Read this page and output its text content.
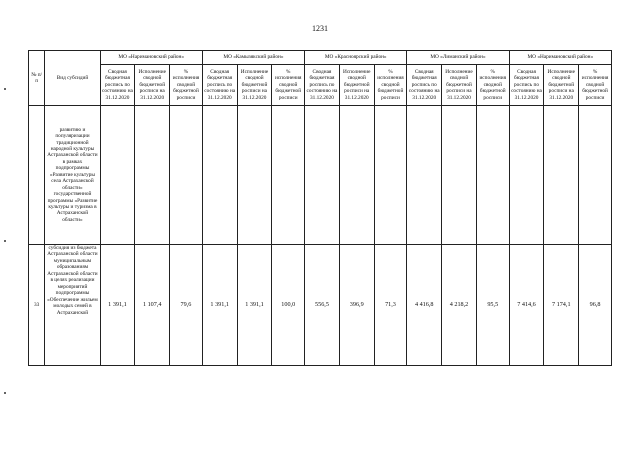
1231
№ п/п	Вид субсидий	МО «Наримановский район»			МО «Камызякский район»			МО «Красноярский район»			МО «Лиманский район»			МО «Наримановский район»		
		Сводная бюджетная роспись по состоянию на 31.12.2020	Исполнение сводной бюджетной росписи на 31.12.2020	% исполнения сводной бюджетной росписи	Сводная бюджетная роспись по состоянию на 31.12.2020	Исполнение сводной бюджетной росписи на 31.12.2020	% исполнения сводной бюджетной росписи	Сводная бюджетная роспись по состоянию на 31.12.2020	Исполнение сводной бюджетной росписи на 31.12.2020	% исполнения сводной бюджетной росписи	Сводная бюджетная роспись по состоянию на 31.12.2020	Исполнение сводной бюджетной росписи на 31.12.2020	% исполнения сводной бюджетной росписи	Сводная бюджетная роспись по состоянию на 31.12.2020	Исполнение сводной бюджетной росписи на 31.12.2020	% исполнения сводной бюджетной росписи
	развитию и популяризации традиционной народной культуры Астраханской области в рамках подпрограммы «Развитие культуры села Астраханской области» государственной программы «Развитие культуры и туризма в Астраханской области»															
33	субсидия из бюджета Астраханской области муниципальным образованиям Астраханской области в целях реализации мероприятий подпрограммы «Обеспечение жильем молодых семей в Астраханской	1 391,1	1 107,4	79,6	1 391,1	1 391,1	100,0	556,5	396,9	71,3	4 416,8	4 218,2	95,5	7 414,6	7 174,1	96,8
